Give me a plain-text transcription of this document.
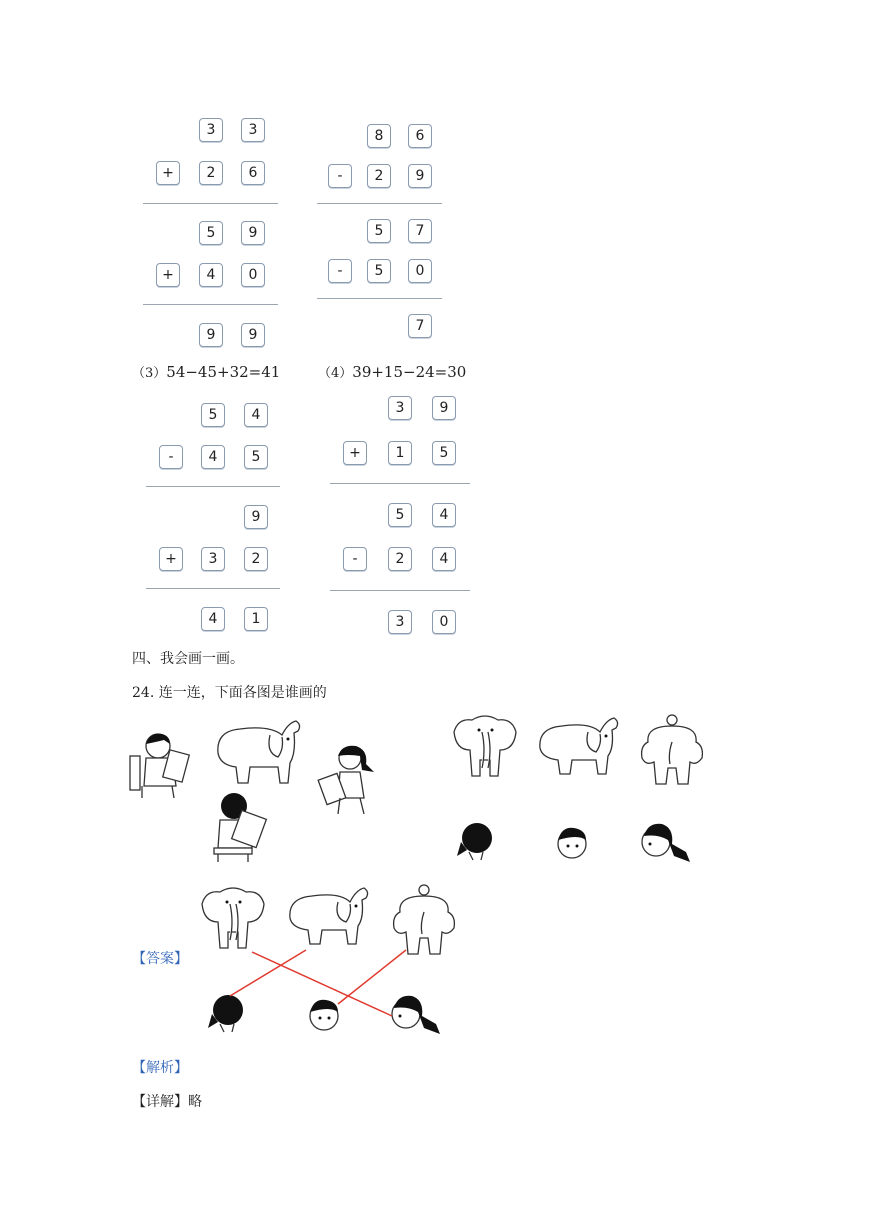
3	3
+	2	6
5	9
+	4	0
9	9
8	6
-	2	9
5	7
-	5	0
7
（3）54−45+32=41	（4）39+15−24=30
5	4
-	4	5
9
+	3	2
4	1
3	9
+	1	5
5	4
-	2	4
3	0
四、我会画一画。
24. 连一连，下面各图是谁画的
【答案】
【解析】
【详解】略
